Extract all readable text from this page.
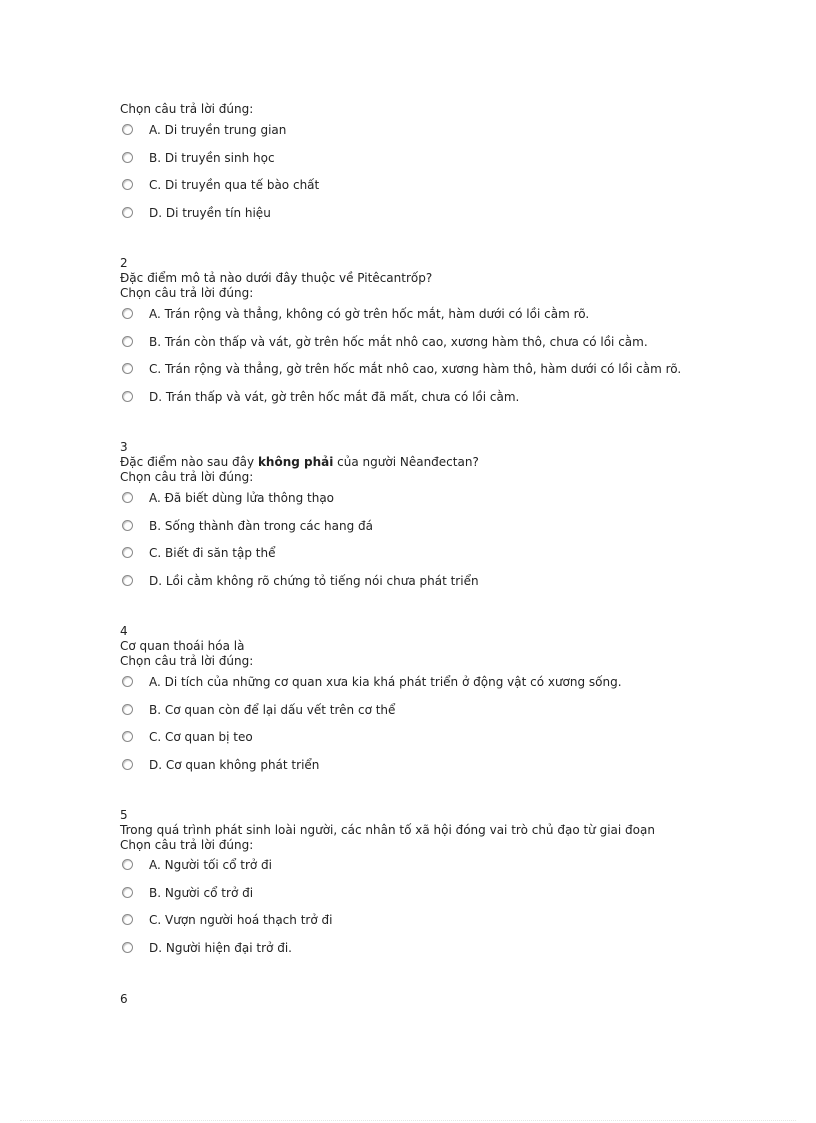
Chọn câu trả lời đúng:
A. Di truyền trung gian
B. Di truyền sinh học
C. Di truyền qua tế bào chất
D. Di truyền tín hiệu
2
Đặc điểm mô tả nào dưới đây thuộc về Pitêcantrốp?
Chọn câu trả lời đúng:
A. Trán rộng và thẳng, không có gờ trên hốc mắt, hàm dưới có lồi cằm rõ.
B. Trán còn thấp và vát, gờ trên hốc mắt nhô cao, xương hàm thô, chưa có lồi cằm.
C. Trán rộng và thẳng, gờ trên hốc mắt nhô cao, xương hàm thô, hàm dưới có lồi cằm rõ.
D. Trán thấp và vát, gờ trên hốc mắt đã mất, chưa có lồi cằm.
3
Đặc điểm nào sau đây không phải của người Nêanđectan?
Chọn câu trả lời đúng:
A. Đã biết dùng lửa thông thạo
B. Sống thành đàn trong các hang đá
C. Biết đi săn tập thể
D. Lồi cằm không rõ chứng tỏ tiếng nói chưa phát triển
4
Cơ quan thoái hóa là
Chọn câu trả lời đúng:
A. Di tích của những cơ quan xưa kia khá phát triển ở động vật có xương sống.
B. Cơ quan còn để lại dấu vết trên cơ thể
C. Cơ quan bị teo
D. Cơ quan không phát triển
5
Trong quá trình phát sinh loài người, các nhân tố xã hội đóng vai trò chủ đạo từ giai đoạn
Chọn câu trả lời đúng:
A. Người tối cổ trở đi
B. Người cổ trở đi
C. Vượn người hoá thạch trở đi
D. Người hiện đại trở đi.
6
